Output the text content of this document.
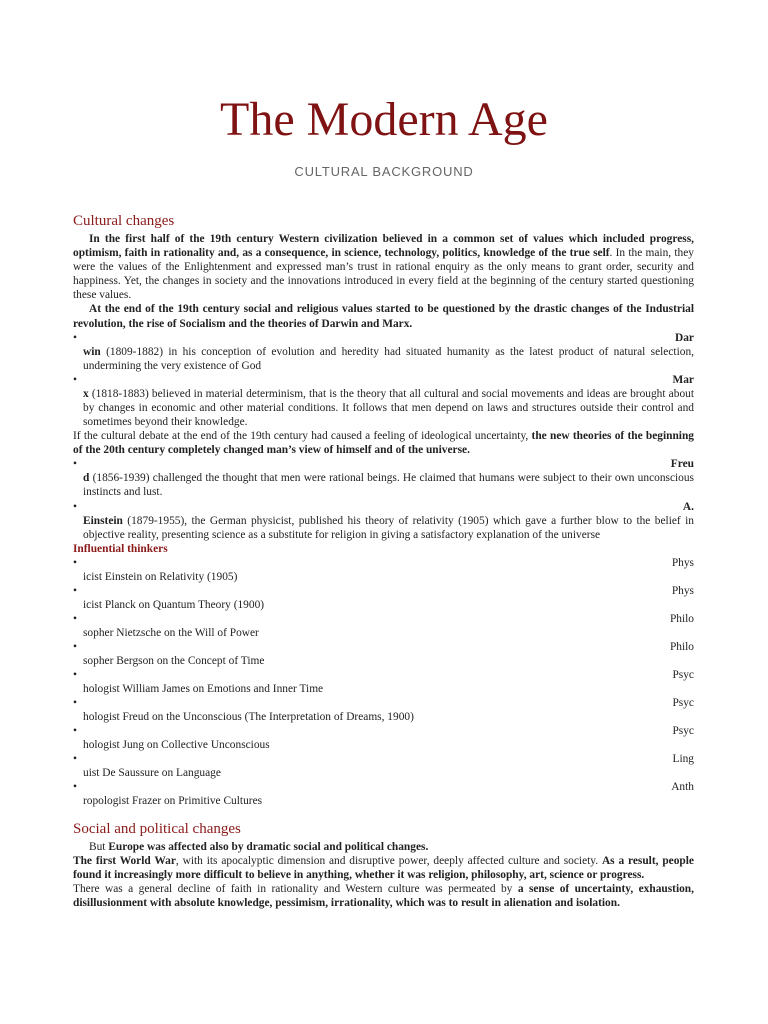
The Modern Age
CULTURAL BACKGROUND
Cultural changes

In the first half of the 19th century Western civilization believed in a common set of values which included progress, optimism, faith in rationality and, as a consequence, in science, technology, politics, knowledge of the true self. In the main, they were the values of the Enlightenment and expressed man’s trust in rational enquiry as the only means to grant order, security and happiness. Yet, the changes in society and the innovations introduced in every field at the beginning of the century started questioning these values.

At the end of the 19th century social and religious values started to be questioned by the drastic changes of the Industrial revolution, the rise of Socialism and the theories of Darwin and Marx.

•	Dar

win (1809-1882) in his conception of evolution and heredity had situated humanity as the latest product of natural selection, undermining the very existence of God

•	Mar

x (1818-1883) believed in material determinism, that is the theory that all cultural and social movements and ideas are brought about by changes in economic and other material conditions. It follows that men depend on laws and structures outside their control and sometimes beyond their knowledge.

If the cultural debate at the end of the 19th century had caused a feeling of ideological uncertainty, the new theories of the beginning of the 20th century completely changed man’s view of himself and of the universe.

•	Freu

d (1856-1939) challenged the thought that men were rational beings. He claimed that humans were subject to their own unconscious instincts and lust.

•	A.

Einstein (1879-1955), the German physicist, published his theory of relativity (1905) which gave a further blow to the belief in objective reality, presenting science as a substitute for religion in giving a satisfactory explanation of the universe

Influential thinkers
•	Phys
icist Einstein on Relativity (1905)
•	Phys
icist Planck on Quantum Theory (1900)
•	Philo
sopher Nietzsche on the Will of Power
•	Philo
sopher Bergson on the Concept of Time
•	Psyc
hologist William James on Emotions and Inner Time
•	Psyc
hologist Freud on the Unconscious (The Interpretation of Dreams, 1900)
•	Psyc
hologist Jung on Collective Unconscious
•	Ling
uist De Saussure on Language
•	Anth
ropologist Frazer on Primitive Cultures
Social and political changes

But Europe was affected also by dramatic social and political changes.

The first World War, with its apocalyptic dimension and disruptive power, deeply affected culture and society. As a result, people found it increasingly more difficult to believe in anything, whether it was religion, philosophy, art, science or progress.

There was a general decline of faith in rationality and Western culture was permeated by a sense of uncertainty, exhaustion, disillusionment with absolute knowledge, pessimism, irrationality, which was to result in alienation and isolation.
